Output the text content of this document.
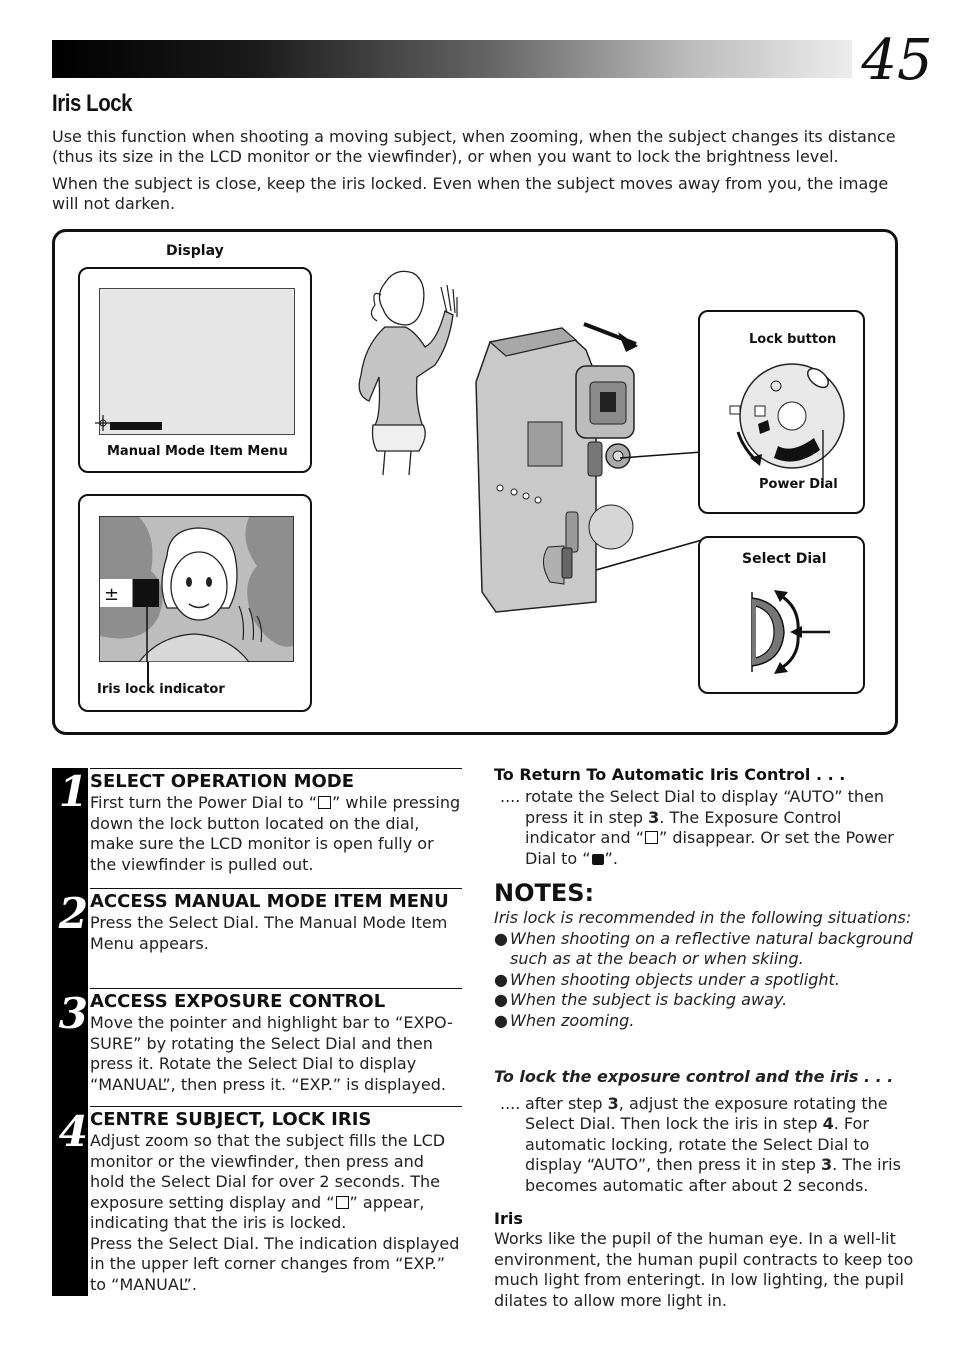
45
Iris Lock
Use this function when shooting a moving subject, when zooming, when the subject changes its distance (thus its size in the LCD monitor or the viewfinder), or when you want to lock the brightness level.
When the subject is close, keep the iris locked. Even when the subject moves away from you, the image will not darken.
Display
Manual Mode Item Menu
±
Iris lock indicator
Lock button
Power Dial
Select Dial
1
2
3
4
SELECT OPERATION MODE
First turn the Power Dial to “ ” while pressing down the lock button located on the dial, make sure the LCD monitor is open fully or the viewfinder is pulled out.
ACCESS MANUAL MODE ITEM MENU
Press the Select Dial. The Manual Mode Item Menu appears.
ACCESS EXPOSURE CONTROL
Move the pointer and highlight bar to “EXPO-SURE” by rotating the Select Dial and then press it. Rotate the Select Dial to display “MANUAL”, then press it. “EXP.” is displayed.
CENTRE SUBJECT, LOCK IRIS
Adjust zoom so that the subject fills the LCD monitor or the viewfinder, then press and hold the Select Dial for over 2 seconds. The exposure setting display and “ ” appear, indicating that the iris is locked.
Press the Select Dial. The indication displayed in the upper left corner changes from “EXP.” to “MANUAL”.
To Return To Automatic Iris Control . . .
.... rotate the Select Dial to display “AUTO” then press it in step 3. The Exposure Control indicator and “ ” disappear. Or set the Power Dial to “ ”.
NOTES:
Iris lock is recommended in the following situations:
● When shooting on a reflective natural background such as at the beach or when skiing.
● When shooting objects under a spotlight.
● When the subject is backing away.
● When zooming.
To lock the exposure control and the iris . . .
.... after step 3, adjust the exposure rotating the Select Dial. Then lock the iris in step 4. For automatic locking, rotate the Select Dial to display “AUTO”, then press it in step 3. The iris becomes automatic after about 2 seconds.
Iris
Works like the pupil of the human eye. In a well-lit environment, the human pupil contracts to keep too much light from enteringt. In low lighting, the pupil dilates to allow more light in.
